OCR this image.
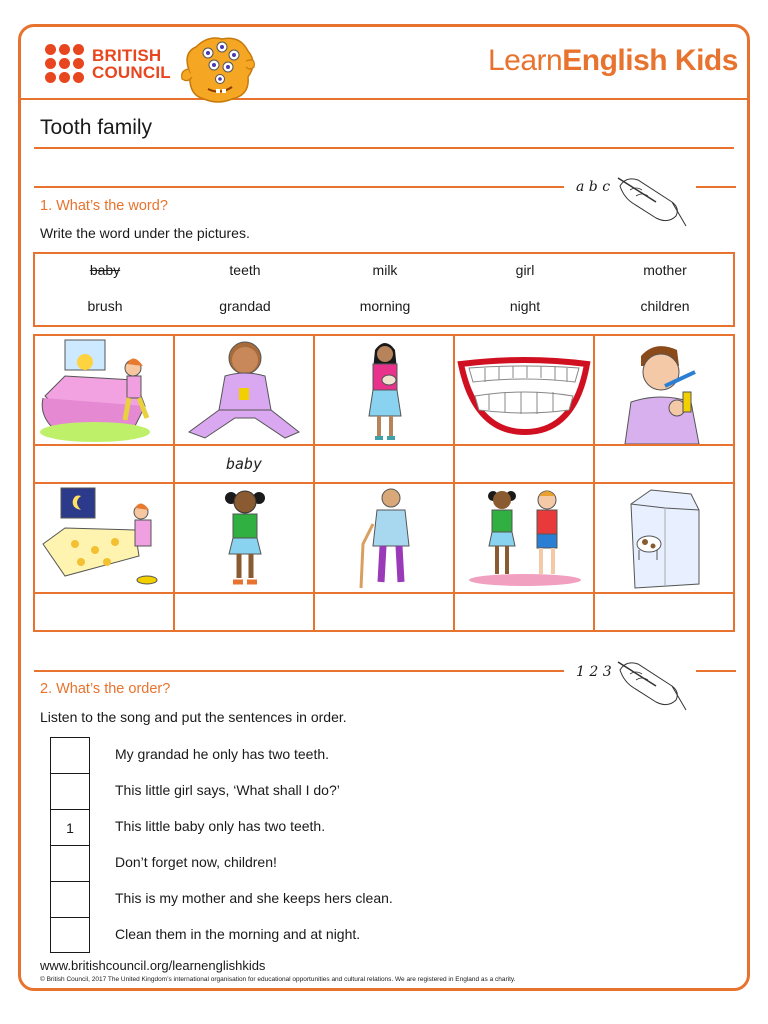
BRITISH
COUNCIL	LearnEnglish Kids
Tooth family
a b c
1. What’s the word?
Write the word under the pictures.
baby	teeth	milk	girl	mother
brush	grandad	morning	night	children
baby
1 2 3
2. What’s the order?
Listen to the song and put the sentences in order.
My grandad he only has two teeth.
This little girl says, ‘What shall I do?’
1	This little baby only has two teeth.
Don’t forget now, children!
This is my mother and she keeps hers clean.
Clean them in the morning and at night.
www.britishcouncil.org/learnenglishkids
© British Council, 2017 The United Kingdom’s international organisation for educational opportunities and cultural relations. We are registered in England as a charity.
